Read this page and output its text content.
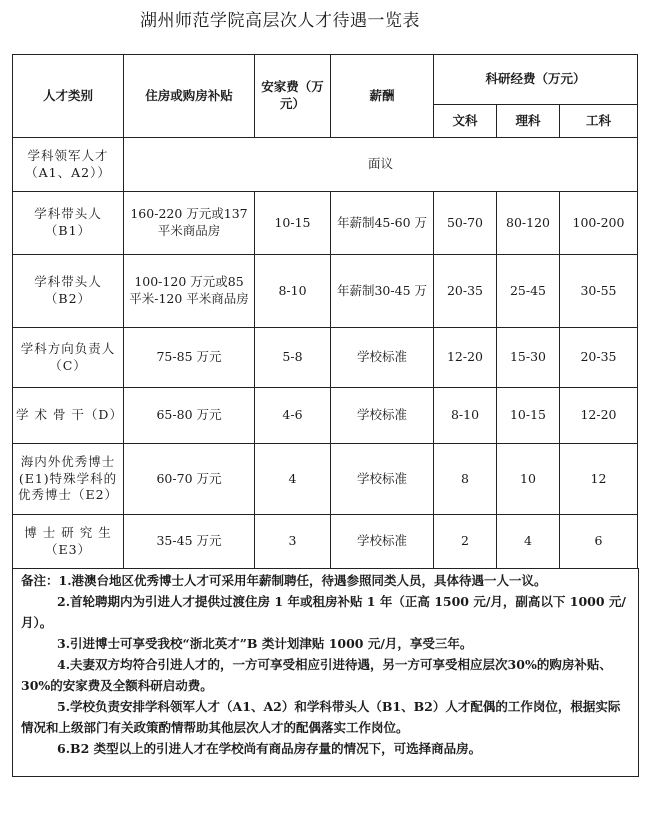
湖州师范学院高层次人才待遇一览表
人才类别	住房或购房补贴	安家费（万元）	薪酬	科研经费（万元）		
				文科	理科	工科
学科领军人才（A1、A2））	面议					
学科带头人（B1）	160-220 万元或137 平米商品房	10-15	年薪制45-60 万	50-70	80-120	100-200
学科带头人（B2）	100-120 万元或85 平米-120 平米商品房	8-10	年薪制30-45 万	20-35	25-45	30-55
学科方向负责人（C）	75-85 万元	5-8	学校标准	12-20	15-30	20-35
学 术 骨 干（D）	65-80 万元	4-6	学校标准	8-10	10-15	12-20
海内外优秀博士(E1)特殊学科的优秀博士（E2）	60-70 万元	4	学校标准	8	10	12
博 士 研 究 生（E3）	35-45 万元	3	学校标准	2	4	6

备注：1.港澳台地区优秀博士人才可采用年薪制聘任，待遇参照同类人员，具体待遇一人一议。

2.首轮聘期内为引进人才提供过渡住房 1 年或租房补贴 1 年（正高 1500 元/月，副高以下 1000 元/月）。

3.引进博士可享受我校“浙北英才”B 类计划津贴 1000 元/月，享受三年。

4.夫妻双方均符合引进人才的，一方可享受相应引进待遇，另一方可享受相应层次30%的购房补贴、30%的安家费及全额科研启动费。

5.学校负责安排学科领军人才（A1、A2）和学科带头人（B1、B2）人才配偶的工作岗位，根据实际情况和上级部门有关政策酌情帮助其他层次人才的配偶落实工作岗位。

6.B2 类型以上的引进人才在学校尚有商品房存量的情况下，可选择商品房。
